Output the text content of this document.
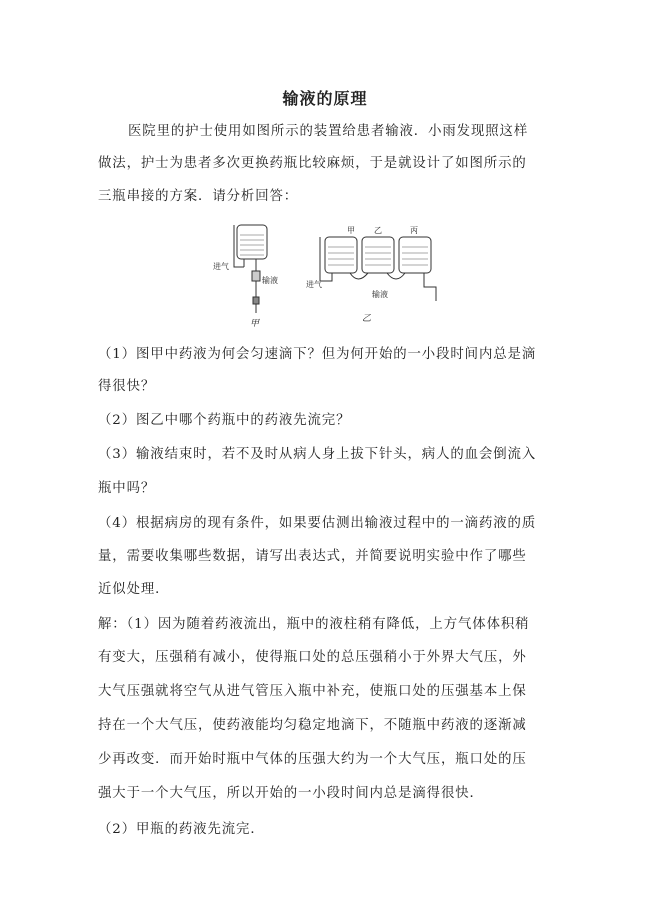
输液的原理
医院里的护士使用如图所示的装置给患者输液．小雨发现照这样
做法，护士为患者多次更换药瓶比较麻烦，于是就设计了如图所示的
三瓶串接的方案．请分析回答：
进气
输液
甲
甲 乙	丙
进气
输液
乙
（1）图甲中药液为何会匀速滴下？但为何开始的一小段时间内总是滴
得很快？
（2）图乙中哪个药瓶中的药液先流完？
（3）输液结束时，若不及时从病人身上拔下针头，病人的血会倒流入
瓶中吗？
（4）根据病房的现有条件，如果要估测出输液过程中的一滴药液的质
量，需要收集哪些数据，请写出表达式，并简要说明实验中作了哪些
近似处理．
解：（1）因为随着药液流出，瓶中的液柱稍有降低，上方气体体积稍
有变大，压强稍有减小，使得瓶口处的总压强稍小于外界大气压，外
大气压强就将空气从进气管压入瓶中补充，使瓶口处的压强基本上保
持在一个大气压，使药液能均匀稳定地滴下，不随瓶中药液的逐渐减
少再改变．而开始时瓶中气体的压强大约为一个大气压，瓶口处的压
强大于一个大气压，所以开始的一小段时间内总是滴得很快．
（2）甲瓶的药液先流完．
